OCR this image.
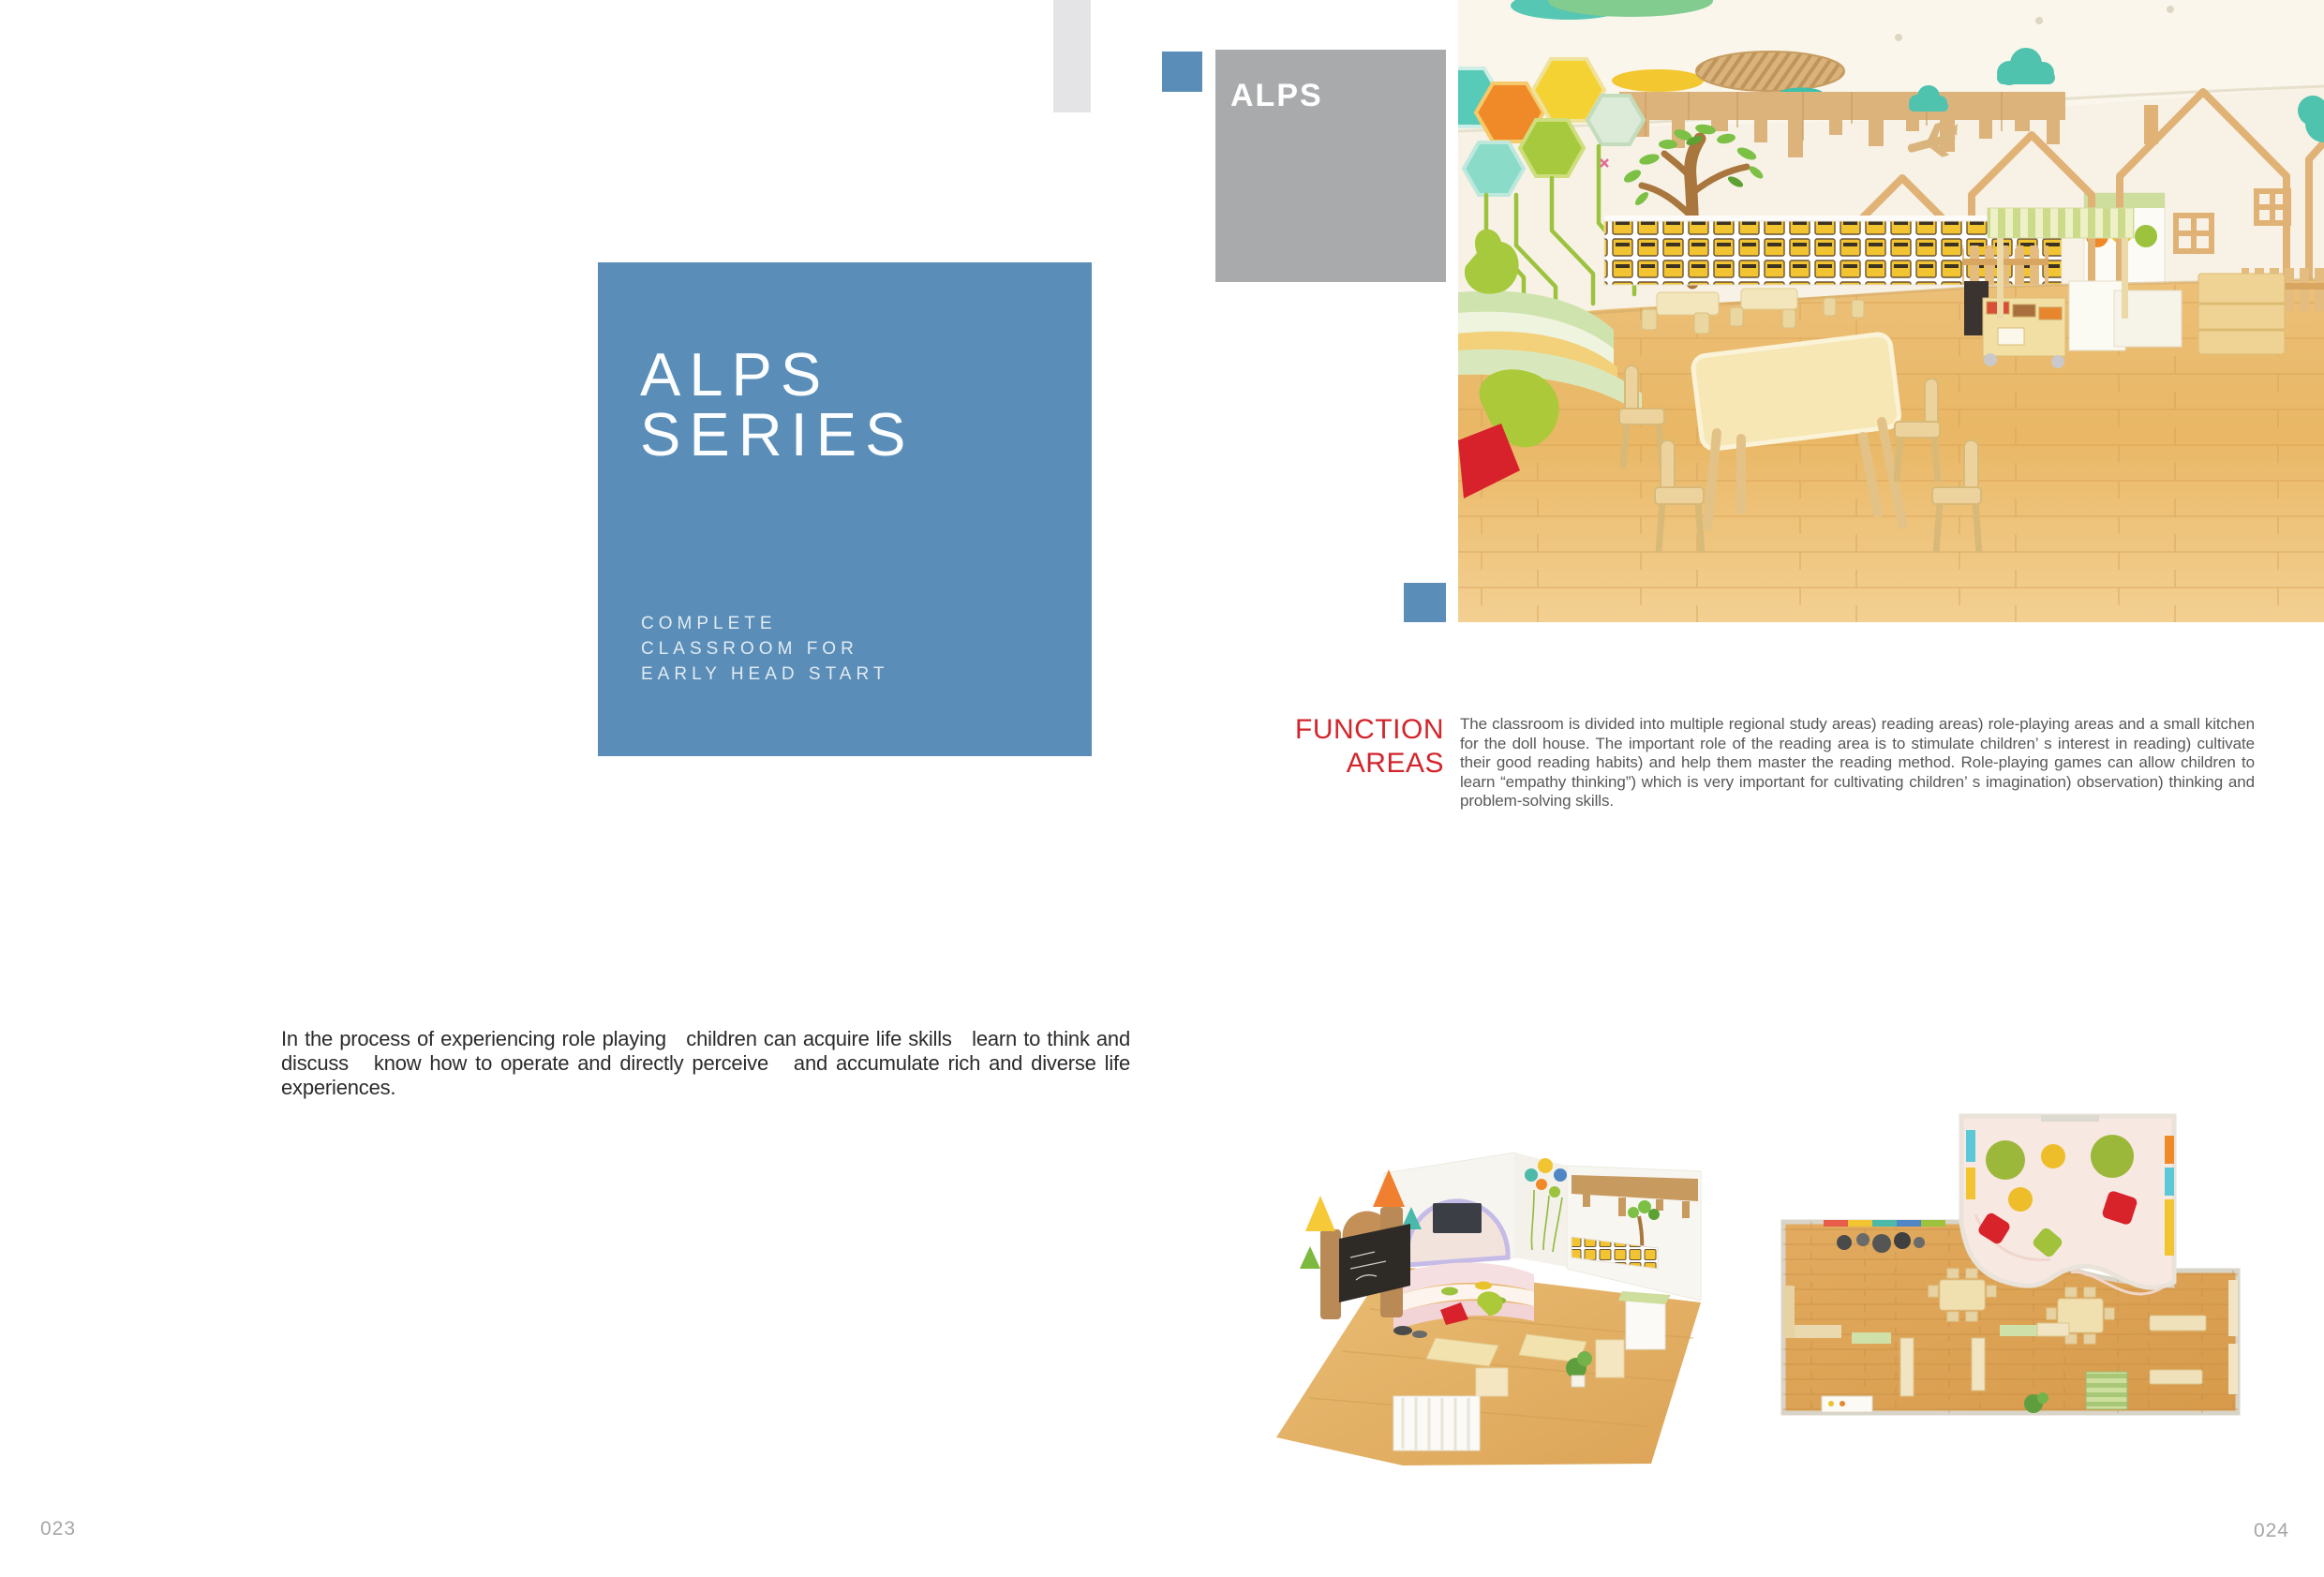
ALPS
SERIES
COMPLETE
CLASSROOM FOR
EARLY HEAD START

In the process of experiencing role playing   children can acquire life skills   learn to think and discuss   know how to operate and directly perceive   and accumulate rich and diverse life experiences.

023
ALPS
FUNCTION
AREAS

The classroom is divided into multiple regional study areas) reading areas) role-playing areas and a small kitchen for the doll house. The important role of the reading area is to stimulate children’ s interest in reading) cultivate their good reading habits) and help them master the reading method. Role-playing games can allow children to learn “empathy thinking”) which is very important for cultivating children’ s imagination) observation) thinking and problem-solving skills.

024
